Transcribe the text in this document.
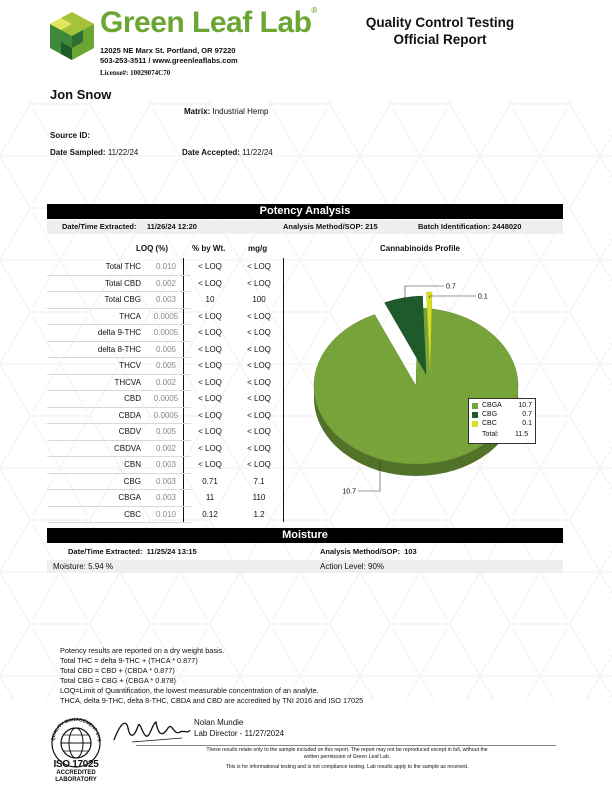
Green Leaf Lab®
12025 NE Marx St. Portland, OR 97220
503-253-3511 / www.greenleaflabs.com
License#: 10029074C70
Quality Control Testing
Official Report
Jon Snow
Matrix: Industrial Hemp
Source ID:
Date Sampled: 11/22/24	Date Accepted: 11/22/24
Potency Analysis
Date/Time Extracted: 11/26/24 12:20	Analysis Method/SOP: 215	Batch Identification: 2448020
LOQ (%)	% by Wt.	mg/g
Total THC	0.010	< LOQ	< LOQ
Total CBD	0.002	< LOQ	< LOQ
Total CBG	0.003	10	100
THCA	0.0005	< LOQ	< LOQ
delta 9-THC	0.0005	< LOQ	< LOQ
delta 8-THC	0.005	< LOQ	< LOQ
THCV	0.005	< LOQ	< LOQ
THCVA	0.002	< LOQ	< LOQ
CBD	0.0005	< LOQ	< LOQ
CBDA	0.0005	< LOQ	< LOQ
CBDV	0.005	< LOQ	< LOQ
CBDVA	0.002	< LOQ	< LOQ
CBN	0.003	< LOQ	< LOQ
CBG	0.003	0.71	7.1
CBGA	0.003	11	110
CBC	0.010	0.12	1.2
Cannabinoids Profile
10.7
0.7
0.1
CBGA 10.7
CBG	0.7
CBC	0.1
Total: 11.5
Moisture
Date/Time Extracted: 11/25/24 13:15	Analysis Method/SOP: 103
Moisture: 5.94 %	Action Level: 90%
Potency results are reported on a dry weight basis.
Total THC = delta 9-THC + (THCA * 0.877)
Total CBD = CBD + (CBDA * 0.877)
Total CBG = CBG + (CBGA * 0.878)
LOQ=Limit of Quantification, the lowest measurable concentration of an analyte.
THCA, delta 9-THC, delta 8-THC, CBDA and CBD are accredited by TNI 2016 and ISO 17025
Nolan Mundie
Lab Director - 11/27/2024
These results relate only to the sample included on this report. The report may not be reproduced except in full, without the
written permission of Green Leaf Lab.
This is for informational testing and is not compliance testing. Lab results apply to the sample as received.
QUALITY MANAGEMENT SYS
ISO 17025
ACCREDITED
LABORATORY
